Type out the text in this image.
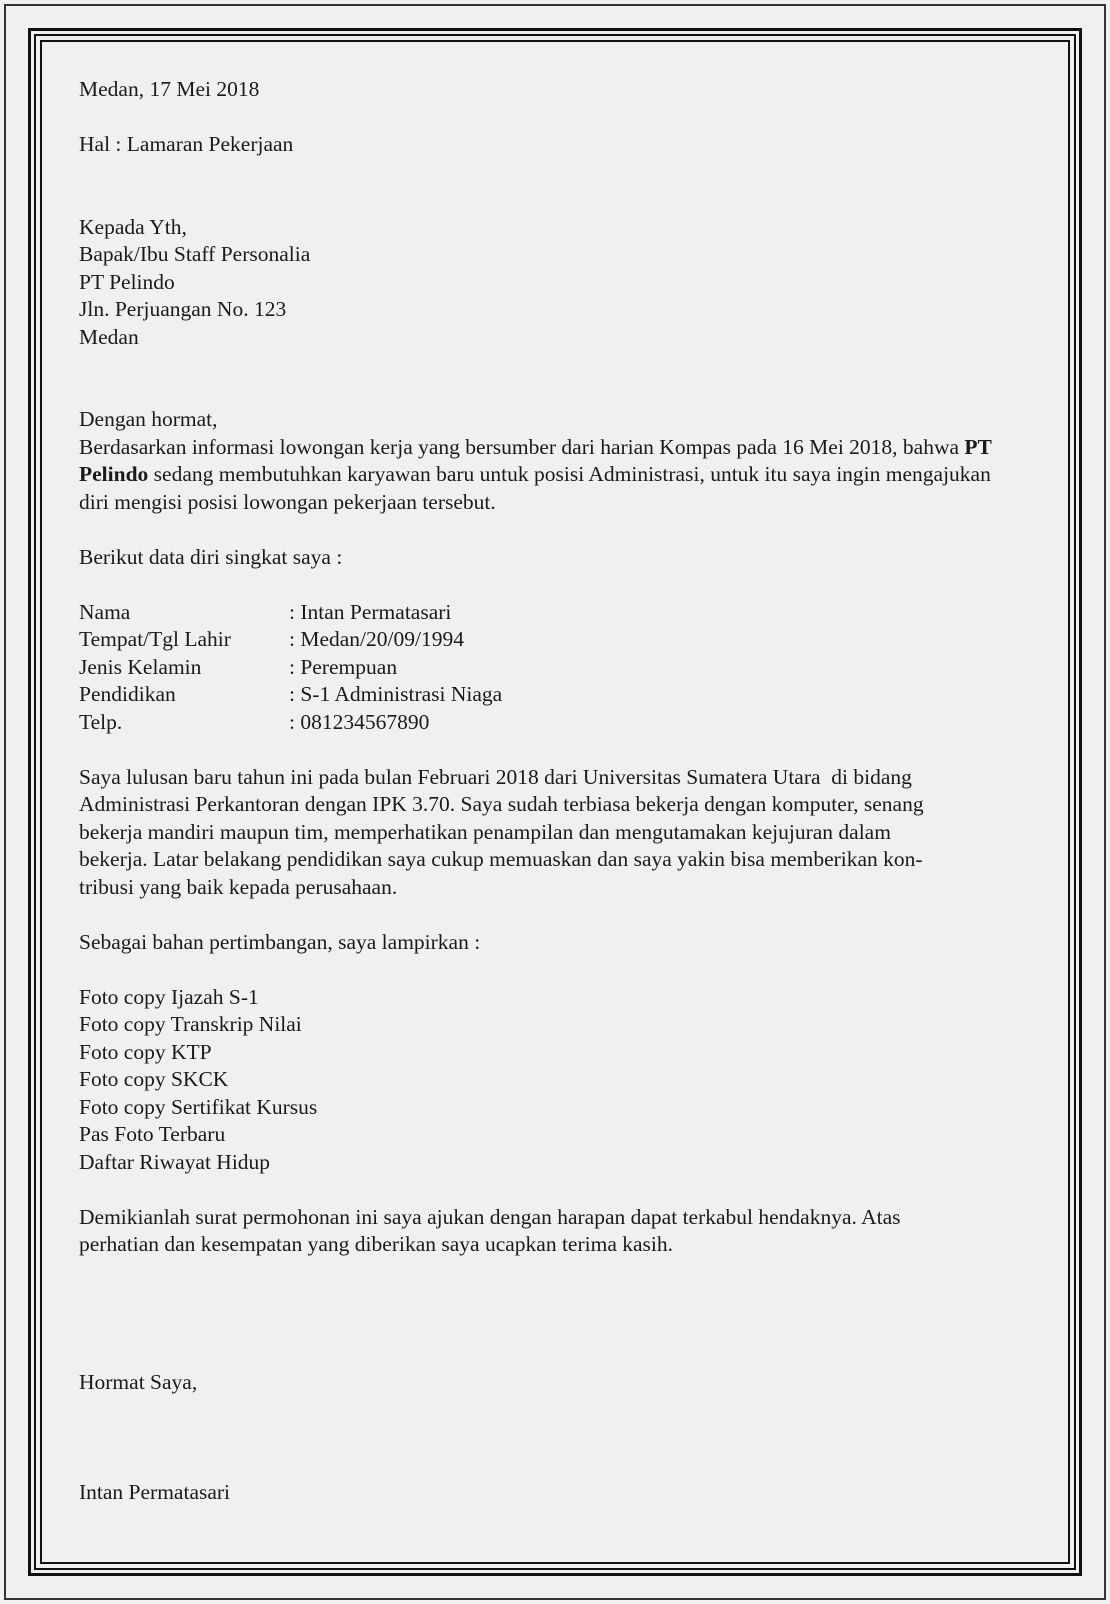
Medan, 17 Mei 2018
Hal : Lamaran Pekerjaan
Kepada Yth,
Bapak/Ibu Staff Personalia
PT Pelindo
Jln. Perjuangan No. 123
Medan
Dengan hormat,
Berdasarkan informasi lowongan kerja yang bersumber dari harian Kompas pada 16 Mei 2018, bahwa PT Pelindo sedang membutuhkan karyawan baru untuk posisi Administrasi, untuk itu saya ingin mengajukan diri mengisi posisi lowongan pekerjaan tersebut.
Berikut data diri singkat saya :
Nama	: Intan Permatasari
Tempat/Tgl Lahir	: Medan/20/09/1994
Jenis Kelamin	: Perempuan
Pendidikan	: S-1 Administrasi Niaga
Telp.	: 081234567890
Saya lulusan baru tahun ini pada bulan Februari 2018 dari Universitas Sumatera Utara  di bidang
Administrasi Perkantoran dengan IPK 3.70. Saya sudah terbiasa bekerja dengan komputer, senang
bekerja mandiri maupun tim, memperhatikan penampilan dan mengutamakan kejujuran dalam
bekerja. Latar belakang pendidikan saya cukup memuaskan dan saya yakin bisa memberikan kon-
tribusi yang baik kepada perusahaan.
Sebagai bahan pertimbangan, saya lampirkan :
Foto copy Ijazah S-1
Foto copy Transkrip Nilai
Foto copy KTP
Foto copy SKCK
Foto copy Sertifikat Kursus
Pas Foto Terbaru
Daftar Riwayat Hidup
Demikianlah surat permohonan ini saya ajukan dengan harapan dapat terkabul hendaknya. Atas
perhatian dan kesempatan yang diberikan saya ucapkan terima kasih.
Hormat Saya,
Intan Permatasari
